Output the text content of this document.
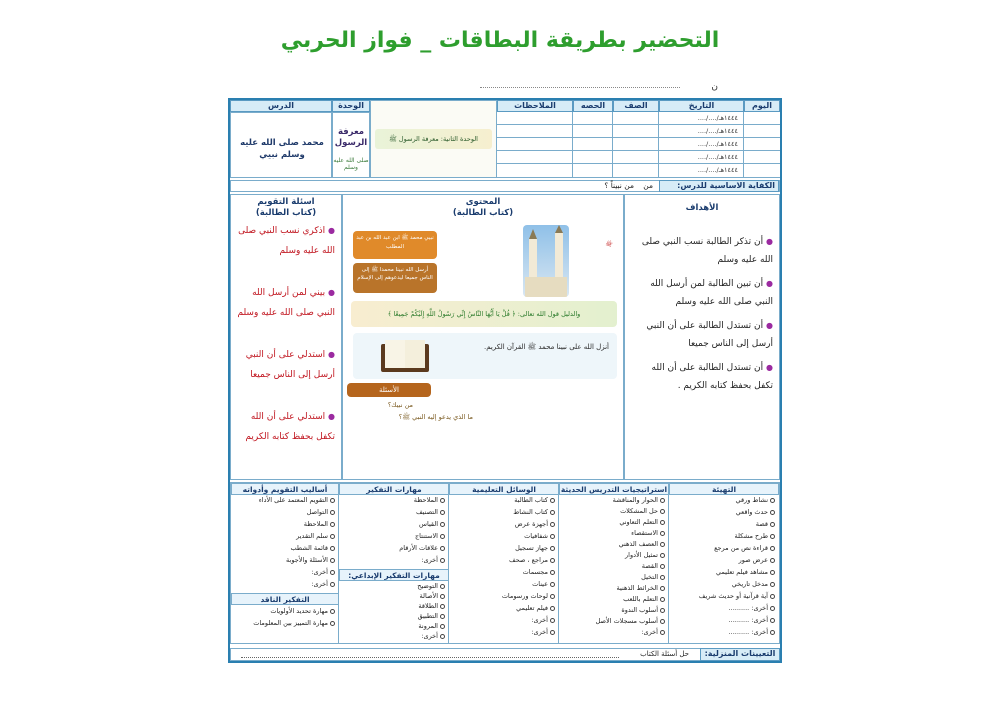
التحضير بطريقة البطاقات _ فواز الحربي
ن
اليوم
التاريخ
الصف
الحصه
الملاحظات
الوحدة
الدرس
..../..../١٤٤٤هـ
..../..../١٤٤٤هـ
..../..../١٤٤٤هـ
..../..../١٤٤٤هـ
..../..../١٤٤٤هـ
الوحدة الثانية: معرفة الرسول ﷺ
معرفة الرسول
صلى الله عليه وسلم
محمد صلى الله عليه وسلم نبيي
الكفاية الاساسية للدرس:
من
من نبيناً ؟
الأهداف
● أن تذكر الطالبة نسب النبي صلى الله عليه وسلم
● أن تبين الطالبة لمن أرسل الله النبي صلى الله عليه وسلم
● أن تستدل الطالبة على أن النبي أرسل إلى الناس جميعا
● أن تستدل الطالبة على أن الله تكفل بحفظ كتابه الكريم .
المحتوى
(كتاب الطالبة)
ﷺ
نبيي محمد ﷺ ابن عبد الله بن عبد المطلب
أرسل الله نبينا محمدا ﷺ إلى الناس جميعا ليدعوهم إلى الإسلام
والدليل قول الله تعالى: ﴿ قُلْ يَا أَيُّهَا النَّاسُ إِنِّي رَسُولُ اللَّهِ إِلَيْكُمْ جَمِيعًا ﴾
أنزل الله على نبينا محمد ﷺ القرآن الكريم.
الأسئلة
من نبيك؟
ما الذي يدعو إليه النبي ﷺ؟
اسئلة التقويم
(كتاب الطالبة)
● اذكري نسب النبي صلى الله عليه وسلم
● بيني لمن أرسل الله النبي صلى الله عليه وسلم
● استدلي على أن النبي أرسل إلى الناس جميعا
● استدلي على أن الله تكفل بحفظ كتابه الكريم
التهيئة
استراتيجيات التدريس الحديثة
الوسائل التعليمية
مهارات التفكير
أساليب التقويم وأدواته
نشاط ورقي
حدث واقعي
قصة
طرح مشكلة
قراءة نص من مرجع
عرض صور
مشاهد فيلم تعليمي
مدخل تاريخي
آية قرآنية أو حديث شريف
أخرى: ..........
أخرى: ..........
أخرى: ..........
الحوار والمناقشة
حل المشكلات
التعلم التعاوني
الاستقصاء
العصف الذهني
تمثيل الأدوار
القصة
التخيل
الخرائط الذهنية
التعلم باللعب
أسلوب الندوة
أسلوب مسجلات الأصل
أخرى:
كتاب الطالبة
كتاب النشاط
أجهزة عرض
شفافيات
جهاز تسجيل
مراجع ، صحف
مجسمات
عينات
لوحات ورسومات
فيلم تعليمي
أخرى:
أخرى:
الملاحظة
التصنيف
القياس
الاستنتاج
علاقات الأرقام
أخرى:
مهارات التفكير الإبداعي:
التوضيح
الأصالة
الطلاقة
التطبيق
المرونة
أخرى:
التقويم المعتمد على الأداء
التواصل
الملاحظة
سلم التقدير
قائمة الشطب
الأسئلة والأجوبة
أخرى:
أخرى:
التفكير الناقد
مهارة تحديد الأولويات
مهارة التمييز بين المعلومات
التعيينات المنزلية:
حل أسئلة الكتاب
